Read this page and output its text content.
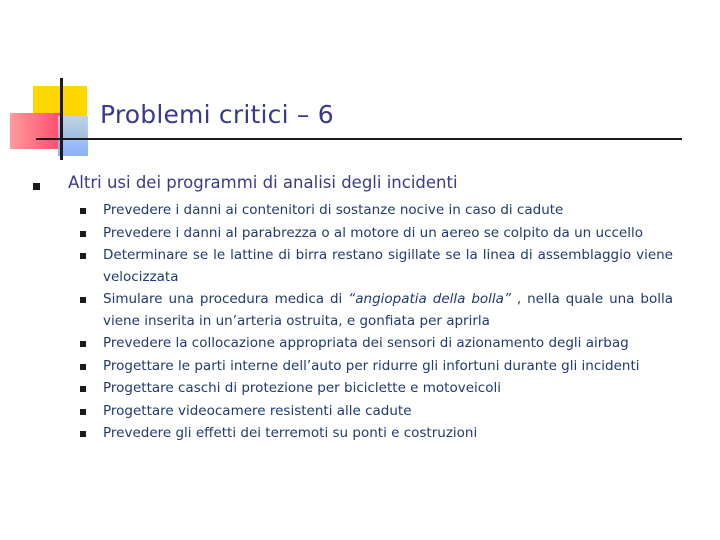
Problemi critici – 6
Altri usi dei programmi di analisi degli incidenti
Prevedere i danni ai contenitori di sostanze nocive in caso di cadute
Prevedere i danni al parabrezza o al motore di un aereo se colpito da un uccello
Determinare se le lattine di birra restano sigillate se la linea di assemblaggio viene velocizzata
Simulare una procedura medica di “angiopatia della bolla” , nella quale una bolla viene inserita in un’arteria ostruita, e gonfiata per aprirla
Prevedere la collocazione appropriata dei sensori di azionamento degli airbag
Progettare le parti interne dell’auto per ridurre gli infortuni durante gli incidenti
Progettare caschi di protezione per biciclette e motoveicoli
Progettare videocamere resistenti alle cadute
Prevedere gli effetti dei terremoti su ponti e costruzioni
